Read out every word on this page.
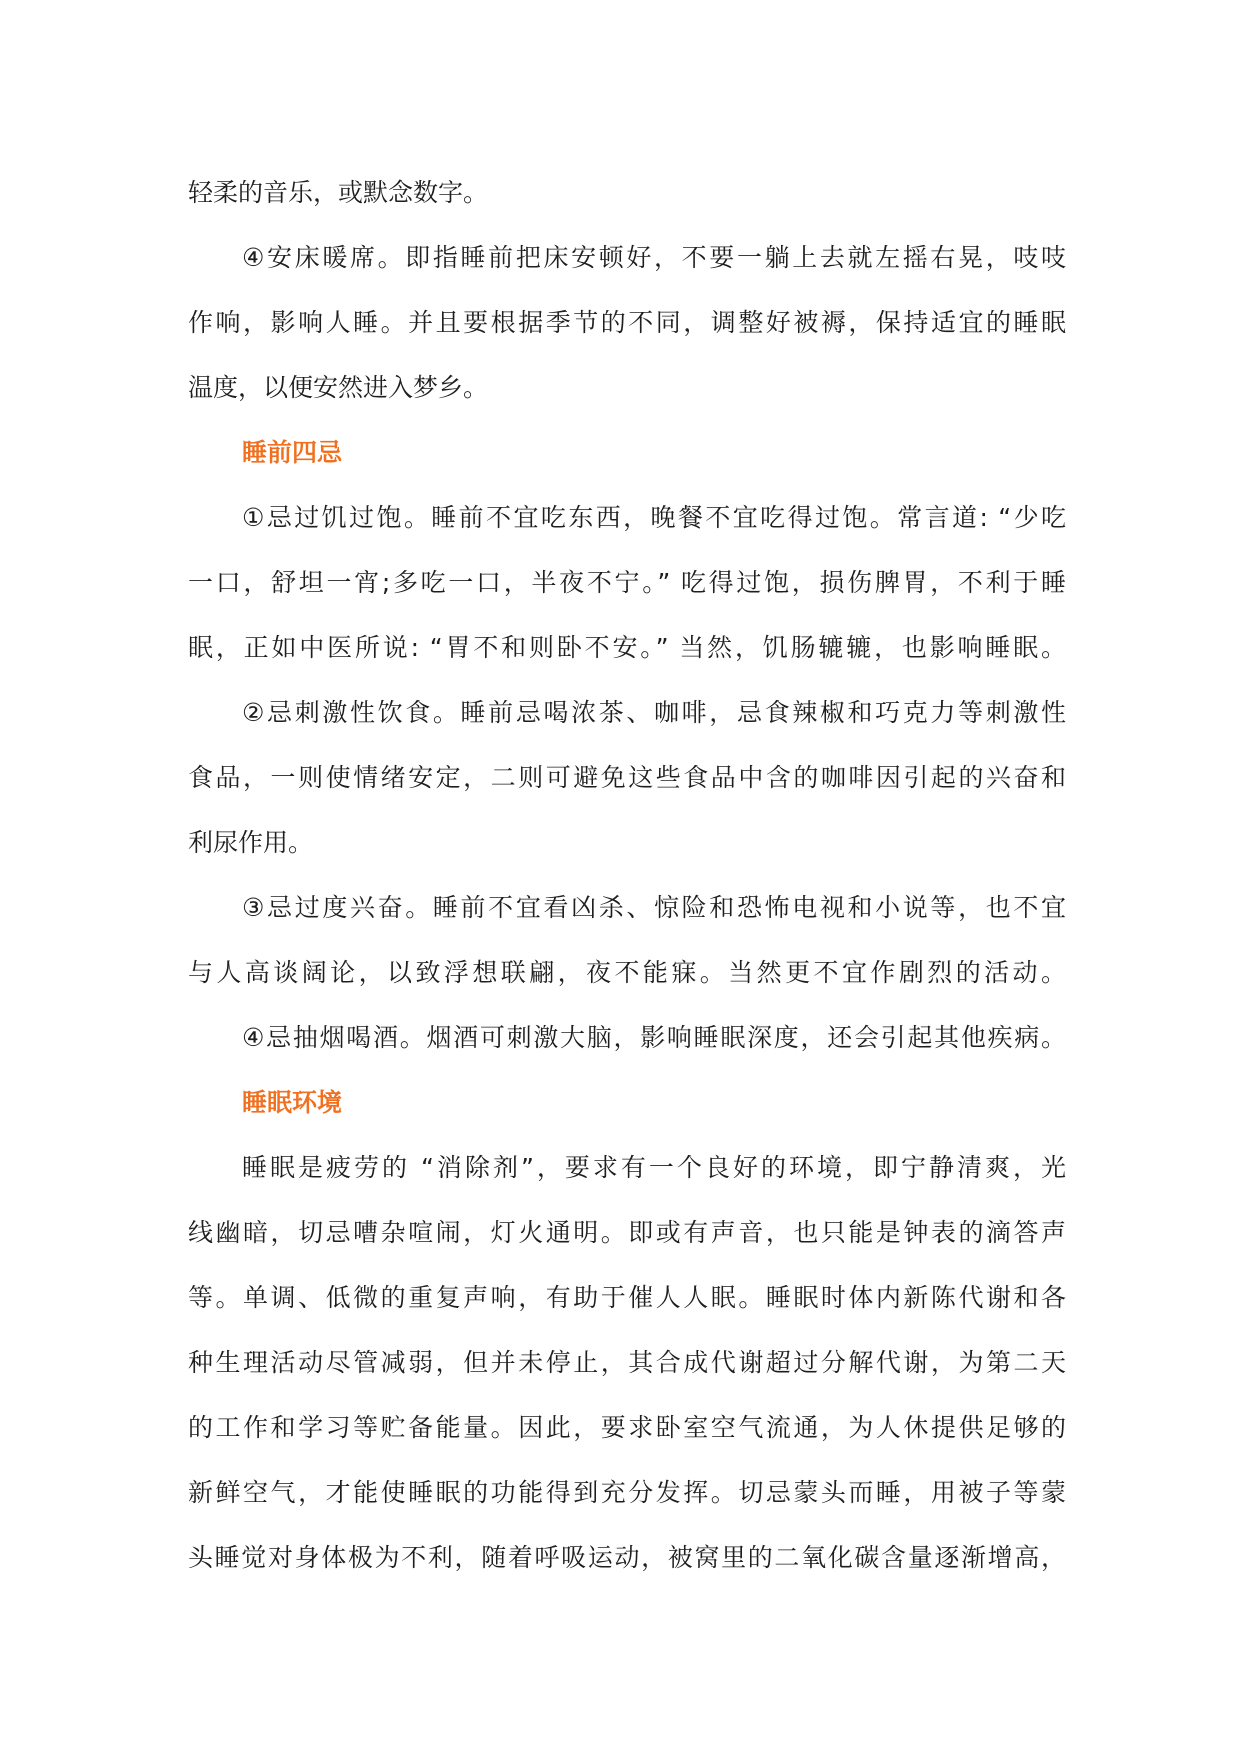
轻柔的音乐，或默念数字。
④安床暖席。即指睡前把床安顿好，不要一躺上去就左摇右晃，吱吱
作响，影响人睡。并且要根据季节的不同，调整好被褥，保持适宜的睡眠
温度，以便安然进入梦乡。
睡前四忌
①忌过饥过饱。睡前不宜吃东西，晚餐不宜吃得过饱。常言道: “少吃
一口，舒坦一宵;多吃一口，半夜不宁。” 吃得过饱，损伤脾胃，不利于睡
眠，正如中医所说: “胃不和则卧不安。” 当然，饥肠辘辘，也影响睡眠。
②忌刺激性饮食。睡前忌喝浓茶、咖啡，忌食辣椒和巧克力等刺激性
食品，一则使情绪安定，二则可避免这些食品中含的咖啡因引起的兴奋和
利尿作用。
③忌过度兴奋。睡前不宜看凶杀、惊险和恐怖电视和小说等，也不宜
与人高谈阔论，以致浮想联翩，夜不能寐。当然更不宜作剧烈的活动。
④忌抽烟喝酒。烟酒可刺激大脑，影响睡眠深度，还会引起其他疾病。
睡眠环境
睡眠是疲劳的 “消除剂”，要求有一个良好的环境，即宁静清爽，光
线幽暗，切忌嘈杂喧闹，灯火通明。即或有声音，也只能是钟表的滴答声
等。单调、低微的重复声响，有助于催人人眠。睡眠时体内新陈代谢和各
种生理活动尽管减弱，但并未停止，其合成代谢超过分解代谢，为第二天
的工作和学习等贮备能量。因此，要求卧室空气流通，为人休提供足够的
新鲜空气，才能使睡眠的功能得到充分发挥。切忌蒙头而睡，用被子等蒙
头睡觉对身体极为不利，随着呼吸运动，被窝里的二氧化碳含量逐渐增高，
